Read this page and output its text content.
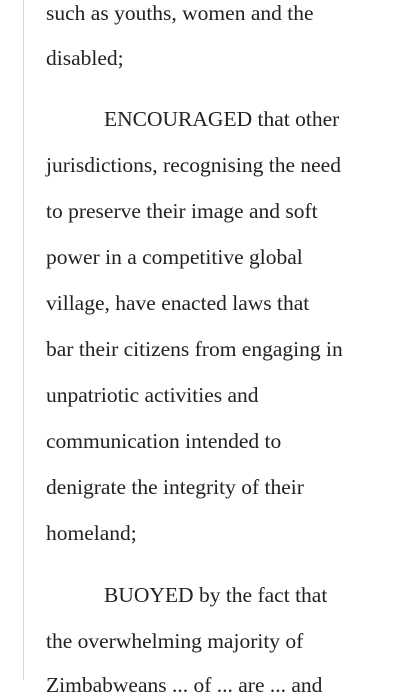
such as youths, women and the

disabled;

ENCOURAGED that other

jurisdictions, recognising the need

to preserve their image and soft

power in a competitive global

village, have enacted laws that

bar their citizens from engaging in

unpatriotic activities and

communication intended to

denigrate the integrity of their

homeland;

BUOYED by the fact that

the overwhelming majority of

Zimbabweans ... of ... are ... and
